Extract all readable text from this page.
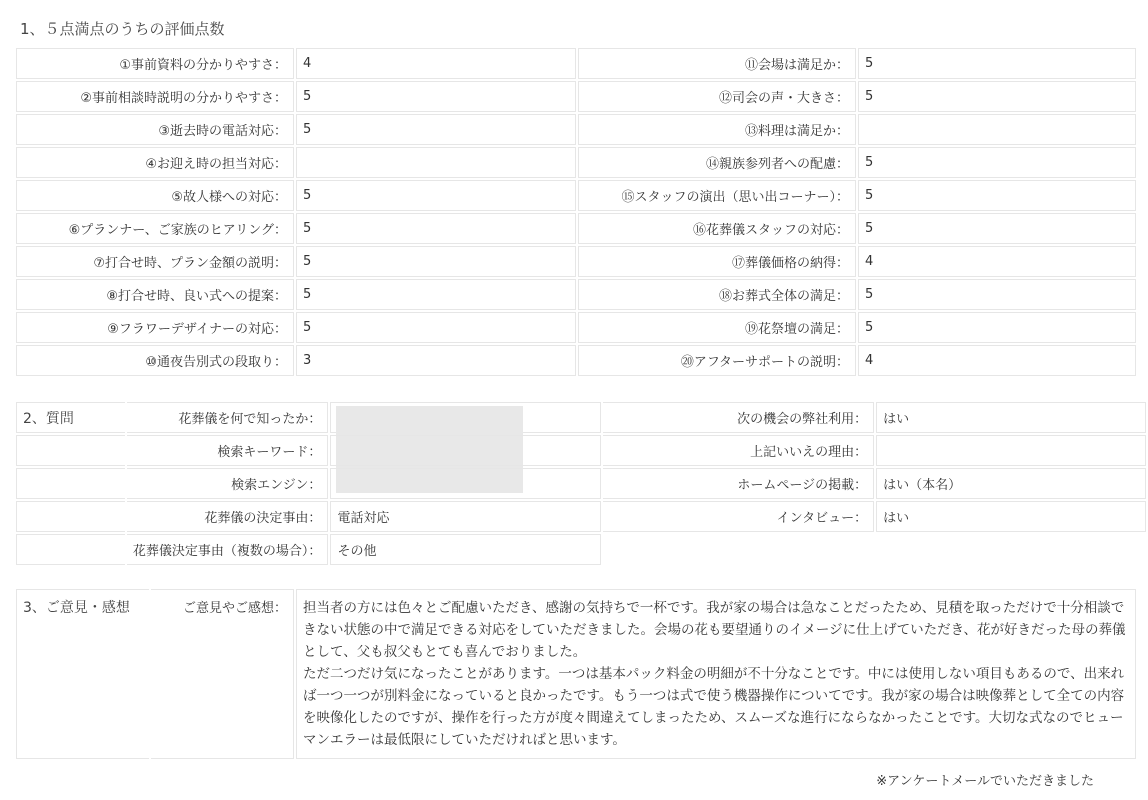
1、５点満点のうちの評価点数
①事前資料の分かりやすさ：	4	⑪会場は満足か：	5
②事前相談時説明の分かりやすさ：	5	⑫司会の声・大きさ：	5
③逝去時の電話対応：	5	⑬料理は満足か：	
④お迎え時の担当対応：		⑭親族参列者への配慮：	5
⑤故人様への対応：	5	⑮スタッフの演出（思い出コーナー）：	5
⑥プランナー、ご家族のヒアリング：	5	⑯花葬儀スタッフの対応：	5
⑦打合せ時、プラン金額の説明：	5	⑰葬儀価格の納得：	4
⑧打合せ時、良い式への提案：	5	⑱お葬式全体の満足：	5
⑨フラワーデザイナーの対応：	5	⑲花祭壇の満足：	5
⑩通夜告別式の段取り：	3	⑳アフターサポートの説明：	4
2、質問	花葬儀を何で知ったか：		次の機会の弊社利用：	はい
	検索キーワード：		上記いいえの理由：	
	検索エンジン：		ホームページの掲載：	はい（本名）
	花葬儀の決定事由：	電話対応	インタビュー：	はい
	花葬儀決定事由（複数の場合）：	その他		
3、ご意見・感想	ご意見やご感想：	担当者の方には色々とご配慮いただき、感謝の気持ちで一杯です。我が家の場合は急なことだったため、見積を取っただけで十分相談できない状態の中で満足できる対応をしていただきました。会場の花も要望通りのイメージに仕上げていただき、花が好きだった母の葬儀として、父も叔父もとても喜んでおりました。
ただ二つだけ気になったことがあります。一つは基本パック料金の明細が不十分なことです。中には使用しない項目もあるので、出来れば一つ一つが別料金になっていると良かったです。もう一つは式で使う機器操作についてです。我が家の場合は映像葬として全ての内容を映像化したのですが、操作を行った方が度々間違えてしまったため、スムーズな進行にならなかったことです。大切な式なのでヒューマンエラーは最低限にしていただければと思います。
※アンケートメールでいただきました
